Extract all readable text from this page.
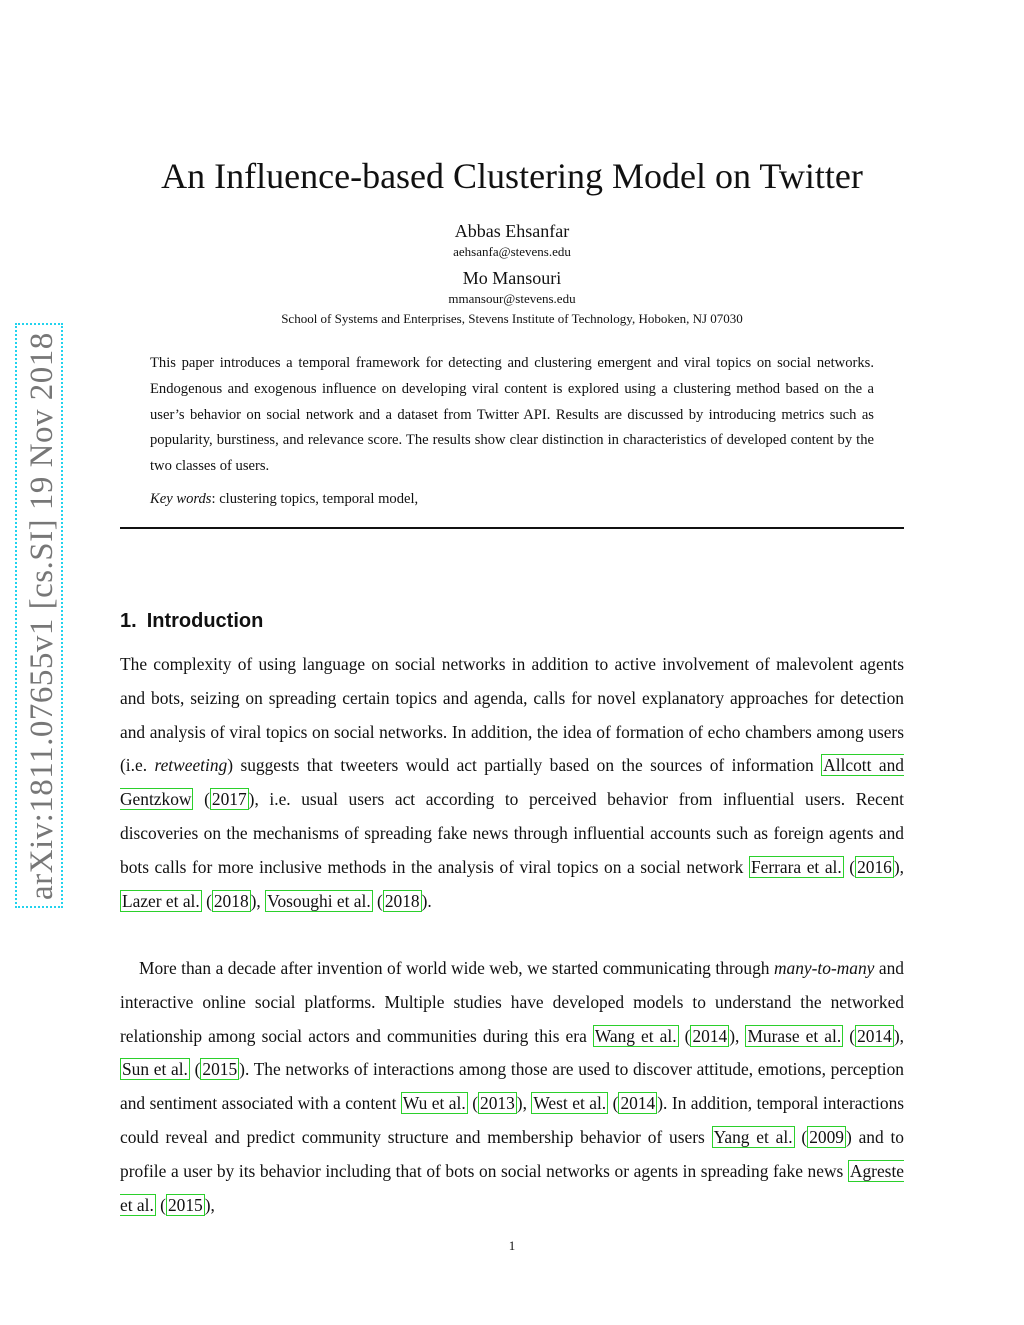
arXiv:1811.07655v1 [cs.SI] 19 Nov 2018
An Influence-based Clustering Model on Twitter
Abbas Ehsanfar
aehsanfa@stevens.edu
Mo Mansouri
mmansour@stevens.edu
School of Systems and Enterprises, Stevens Institute of Technology, Hoboken, NJ 07030

This paper introduces a temporal framework for detecting and clustering emergent and viral topics on social networks. Endogenous and exogenous influence on developing viral content is explored using a clustering method based on the a user’s behavior on social network and a dataset from Twitter API. Results are discussed by introducing metrics such as popularity, burstiness, and relevance score. The results show clear distinction in characteristics of developed content by the two classes of users.

Key words: clustering topics, temporal model,
1. Introduction

The complexity of using language on social networks in addition to active involvement of malevolent agents and bots, seizing on spreading certain topics and agenda, calls for novel explanatory approaches for detection and analysis of viral topics on social networks. In addition, the idea of formation of echo chambers among users (i.e. retweeting) suggests that tweeters would act partially based on the sources of information Allcott and Gentzkow ( 2017 ), i.e. usual users act according to perceived behavior from influential users. Recent discoveries on the mechanisms of spreading fake news through influential accounts such as foreign agents and bots calls for more inclusive methods in the analysis of viral topics on a social network Ferrara et al. ( 2016 ), Lazer et al. ( 2018 ), Vosoughi et al. ( 2018 ).

More than a decade after invention of world wide web, we started communicating through many-to-many and interactive online social platforms. Multiple studies have developed models to understand the networked relationship among social actors and communities during this era Wang et al. ( 2014 ), Murase et al. ( 2014 ), Sun et al. ( 2015 ). The networks of interactions among those are used to discover attitude, emotions, perception and sentiment associated with a content Wu et al. ( 2013 ), West et al. ( 2014 ). In addition, temporal interactions could reveal and predict community structure and membership behavior of users Yang et al. ( 2009 ) and to profile a user by its behavior including that of bots on social networks or agents in spreading fake news Agreste et al. ( 2015 ),

1
